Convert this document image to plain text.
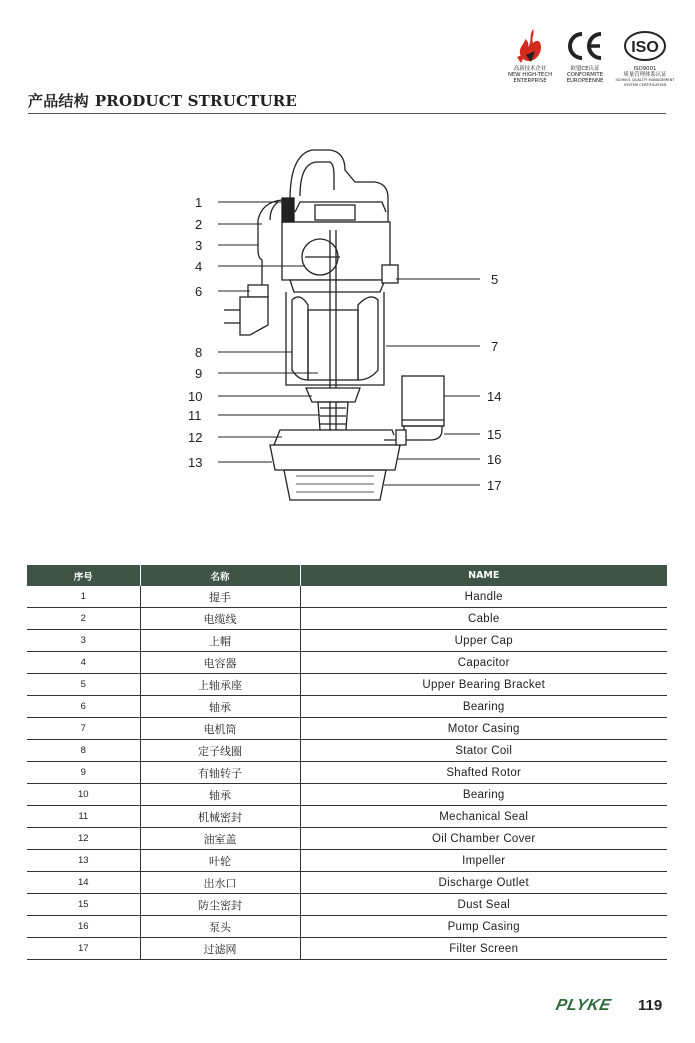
产品结构 PRODUCT STRUCTURE
高新技术企业
NEW HIGH-TECH
ENTERPRISE
欧盟CE认证
CONFORMITE
EUROPEENNE
ISO
ISO9001
质量管理体系认证
ISO9001 QUALITY MANAGEMENT
SYSTEM CERTIFICATION
1
2
3
4
6
8
9
10
11
12
13
5
7
14
15
16
17
序号	名称	NAME
1	提手	Handle
2	电缆线	Cable
3	上帽	Upper Cap
4	电容器	Capacitor
5	上轴承座	Upper Bearing Bracket
6	轴承	Bearing
7	电机筒	Motor Casing
8	定子线圈	Stator Coil
9	有轴转子	Shafted Rotor
10	轴承	Bearing
11	机械密封	Mechanical Seal
12	油室盖	Oil Chamber Cover
13	叶轮	Impeller
14	出水口	Discharge Outlet
15	防尘密封	Dust Seal
16	泵头	Pump Casing
17	过滤网	Filter Screen
PLYKE 119
